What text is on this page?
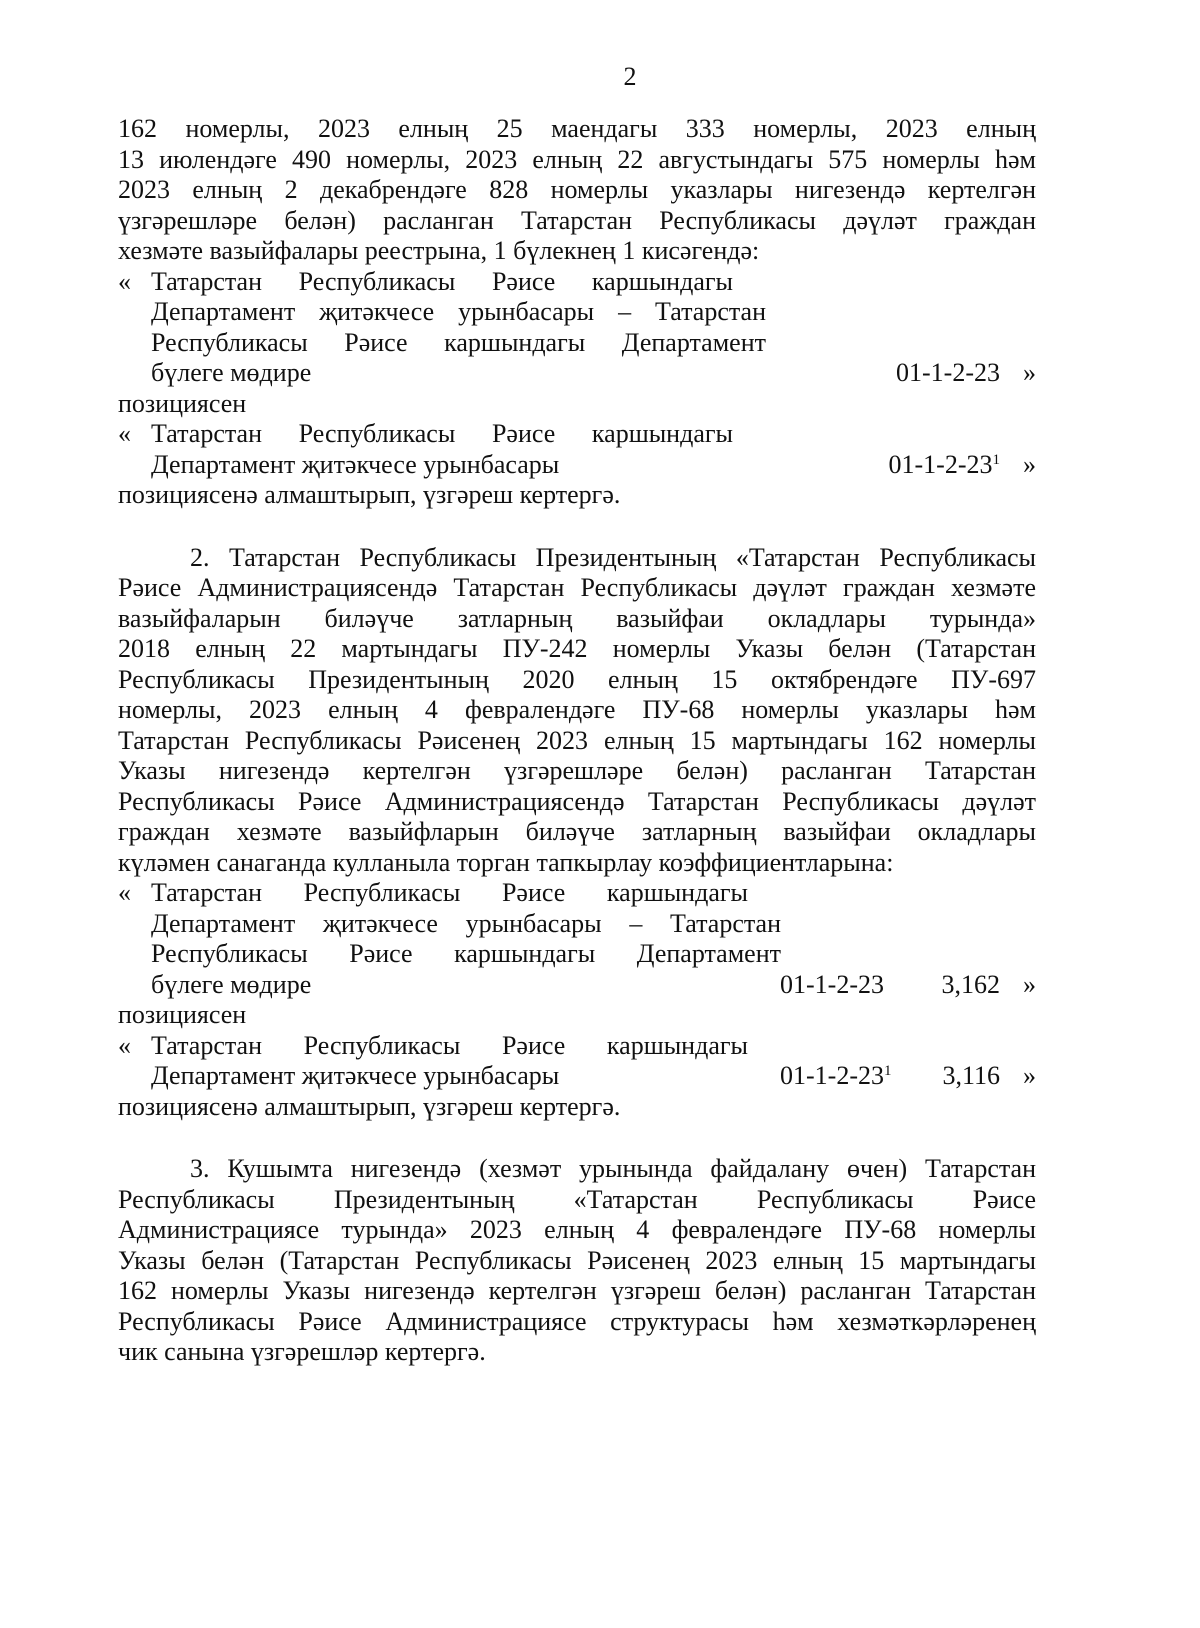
2
162 номерлы, 2023 елның 25 маендагы 333 номерлы, 2023 елның
13 июлендәге 490 номерлы, 2023 елның 22 августындагы 575 номерлы һәм
2023 елның 2 декабрендәге 828 номерлы указлары нигезендә кертелгән
үзгәрешләре белән) расланган Татарстан Республикасы дәүләт граждан
хезмәте вазыйфалары реестрына, 1 бүлекнең 1 кисәгендә:
« Татарстан Республикасы Рәисе каршындагы
Департамент җитәкчесе урынбасары – Татарстан
Республикасы Рәисе каршындагы Департамент
бүлеге мөдире	01-1-2-23 »
позициясен
« Татарстан Республикасы Рәисе каршындагы
Департамент җитәкчесе урынбасары	$01-1-2-23^1$ »
позициясенә алмаштырып, үзгәреш кертергә.
2. Татарстан Республикасы Президентының «Татарстан Республикасы
Рәисе Администрациясендә Татарстан Республикасы дәүләт граждан хезмәте
вазыйфаларын биләүче затларның вазыйфаи окладлары турында»
2018 елның 22 мартындагы ПУ-242 номерлы Указы белән (Татарстан
Республикасы Президентының 2020 елның 15 октябрендәге ПУ-697
номерлы, 2023 елның 4 февралендәге ПУ-68 номерлы указлары һәм
Татарстан Республикасы Рәисенең 2023 елның 15 мартындагы 162 номерлы
Указы нигезендә кертелгән үзгәрешләре белән) расланган Татарстан
Республикасы Рәисе Администрациясендә Татарстан Республикасы дәүләт
граждан хезмәте вазыйфларын биләүче затларның вазыйфаи окладлары
күләмен санаганда кулланыла торган тапкырлау коэффициентларына:
« Татарстан Республикасы Рәисе каршындагы
Департамент җитәкчесе урынбасары – Татарстан
Республикасы Рәисе каршындагы Департамент
бүлеге мөдире	01-1-2-23 3,162 »
позициясен
« Татарстан Республикасы Рәисе каршындагы
Департамент җитәкчесе урынбасары	$01-1-2-23^1$ 3,116 »
позициясенә алмаштырып, үзгәреш кертергә.
3. Кушымта нигезендә (хезмәт урынында файдалану өчен) Татарстан
Республикасы Президентының «Татарстан Республикасы Рәисе
Администрациясе турында» 2023 елның 4 февралендәге ПУ-68 номерлы
Указы белән (Татарстан Республикасы Рәисенең 2023 елның 15 мартындагы
162 номерлы Указы нигезендә кертелгән үзгәреш белән) расланган Татарстан
Республикасы Рәисе Администрациясе структурасы һәм хезмәткәрләренең
чик санына үзгәрешләр кертергә.
